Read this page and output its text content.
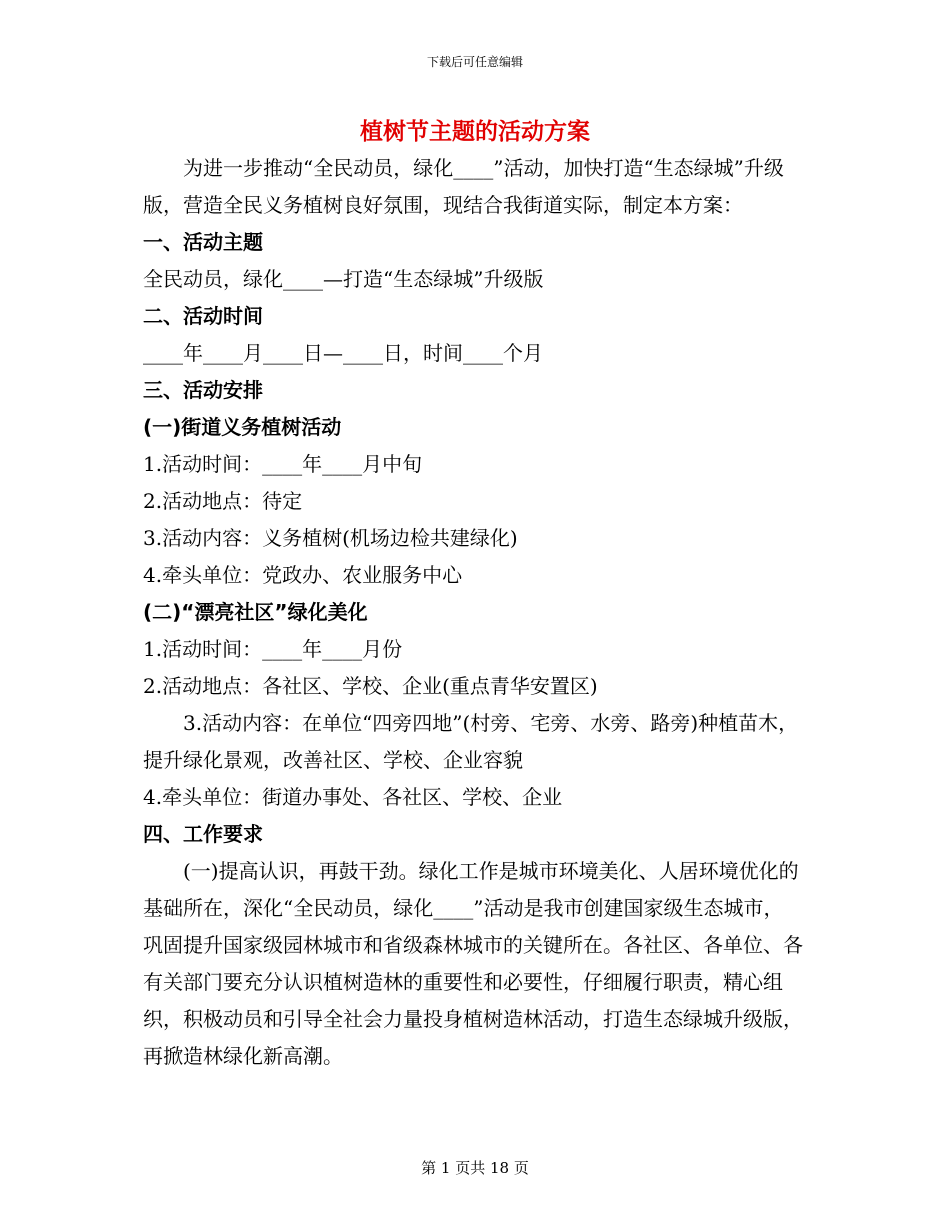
下载后可任意编辑
植树节主题的活动方案

为进一步推动“全民动员，绿化____”活动，加快打造“生态绿城”升级版，营造全民义务植树良好氛围，现结合我街道实际，制定本方案：

一、活动主题

全民动员，绿化____—打造“生态绿城”升级版

二、活动时间

____年____月____日—____日，时间____个月

三、活动安排

(一)街道义务植树活动

1.活动时间：____年____月中旬

2.活动地点：待定

3.活动内容：义务植树(机场边检共建绿化)

4.牵头单位：党政办、农业服务中心

(二)“漂亮社区”绿化美化

1.活动时间：____年____月份

2.活动地点：各社区、学校、企业(重点青华安置区)

3.活动内容：在单位“四旁四地”(村旁、宅旁、水旁、路旁)种植苗木，提升绿化景观，改善社区、学校、企业容貌

4.牵头单位：街道办事处、各社区、学校、企业

四、工作要求

(一)提高认识，再鼓干劲。绿化工作是城市环境美化、人居环境优化的基础所在，深化“全民动员，绿化____”活动是我市创建国家级生态城市，巩固提升国家级园林城市和省级森林城市的关键所在。各社区、各单位、各有关部门要充分认识植树造林的重要性和必要性，仔细履行职责，精心组织，积极动员和引导全社会力量投身植树造林活动，打造生态绿城升级版，再掀造林绿化新高潮。

第 1 页共 18 页
